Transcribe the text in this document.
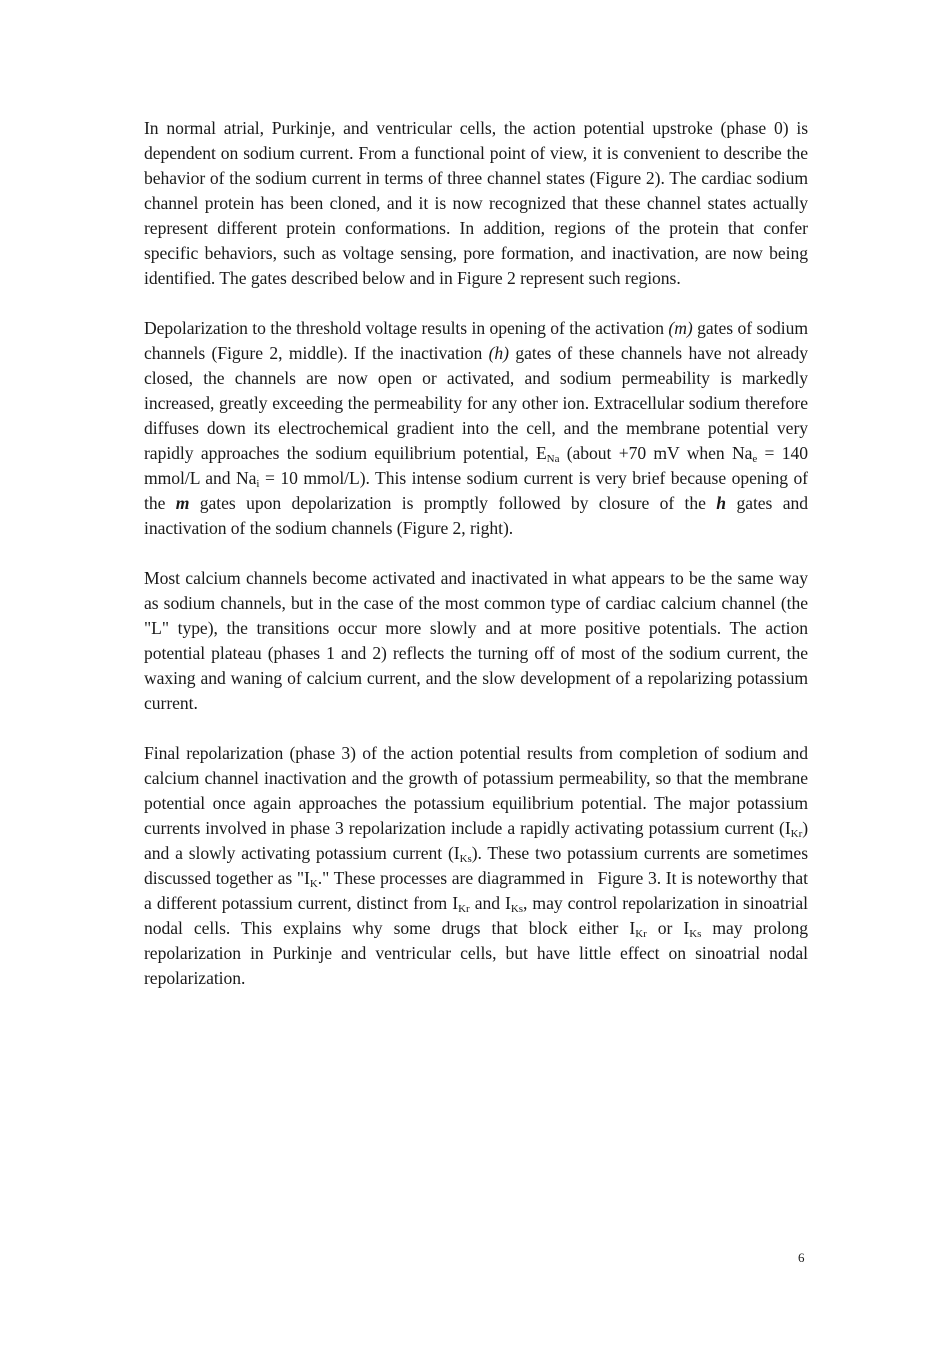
In normal atrial, Purkinje, and ventricular cells, the action potential upstroke (phase 0) is dependent on sodium current. From a functional point of view, it is convenient to describe the behavior of the sodium current in terms of three channel states (Figure 2). The cardiac sodium channel protein has been cloned, and it is now recognized that these channel states actually represent different protein conformations. In addition, regions of the protein that confer specific behaviors, such as voltage sensing, pore formation, and inactivation, are now being identified. The gates described below and in Figure 2 represent such regions.

Depolarization to the threshold voltage results in opening of the activation (m) gates of sodium channels (Figure 2, middle). If the inactivation (h) gates of these channels have not already closed, the channels are now open or activated, and sodium permeability is markedly increased, greatly exceeding the permeability for any other ion. Extracellular sodium therefore diffuses down its electrochemical gradient into the cell, and the membrane potential very rapidly approaches the sodium equilibrium potential, $E_{Na}$ (about +70 mV when $Na_e = 140$ mmol/L and $Na_i = 10$ mmol/L). This intense sodium current is very brief because opening of the m gates upon depolarization is promptly followed by closure of the h gates and inactivation of the sodium channels (Figure 2, right).

Most calcium channels become activated and inactivated in what appears to be the same way as sodium channels, but in the case of the most common type of cardiac calcium channel (the "L" type), the transitions occur more slowly and at more positive potentials. The action potential plateau (phases 1 and 2) reflects the turning off of most of the sodium current, the waxing and waning of calcium current, and the slow development of a repolarizing potassium current.

Final repolarization (phase 3) of the action potential results from completion of sodium and calcium channel inactivation and the growth of potassium permeability, so that the membrane potential once again approaches the potassium equilibrium potential. The major potassium currents involved in phase 3 repolarization include a rapidly activating potassium current $(I_{Kr})$ and a slowly activating potassium current $(I_{Ks})$. These two potassium currents are sometimes discussed together as "$I_K$." These processes are diagrammed in   Figure 3. It is noteworthy that a different potassium current, distinct from $I_{Kr}$ and $I_{Ks}$, may control repolarization in sinoatrial nodal cells. This explains why some drugs that block either $I_{Kr}$ or $I_{Ks}$ may prolong repolarization in Purkinje and ventricular cells, but have little effect on sinoatrial nodal repolarization.

6
